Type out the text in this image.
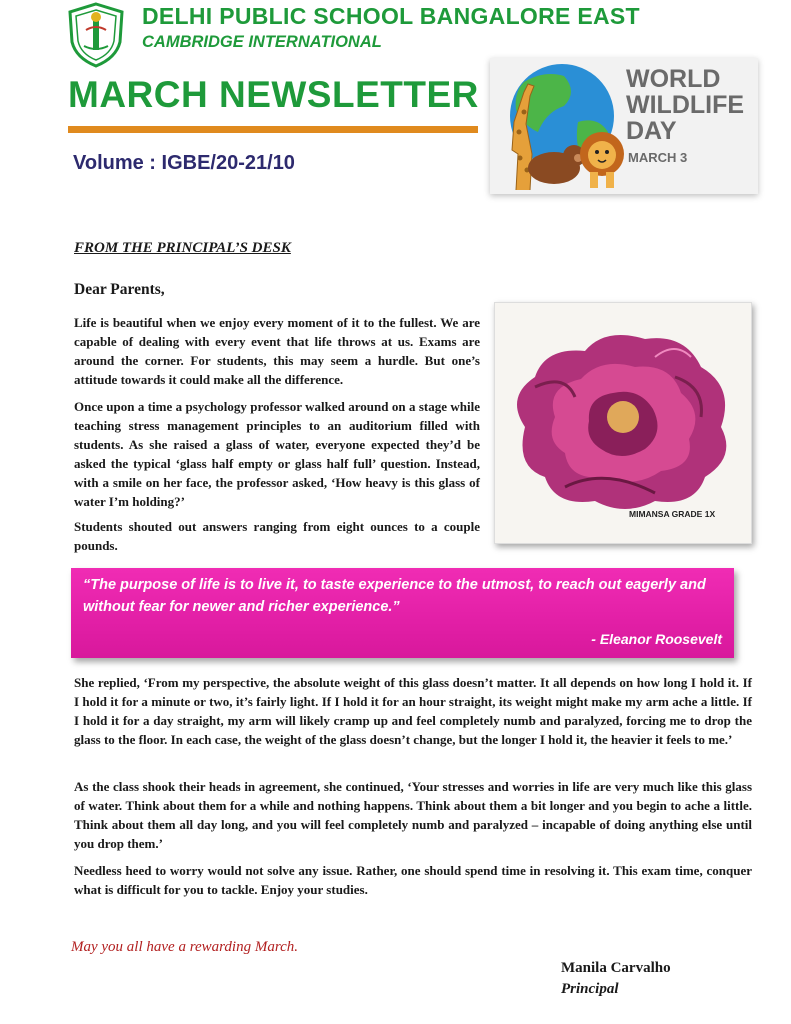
DELHI PUBLIC SCHOOL BANGALORE EAST
CAMBRIDGE INTERNATIONAL
MARCH NEWSLETTER
Volume : IGBE/20-21/10
WORLD
WILDLIFE
DAY
MARCH 3
FROM THE PRINCIPAL’S DESK
Dear Parents,

Life is beautiful when we enjoy every moment of it to the fullest. We are capable of dealing with every event that life throws at us. Exams are around the corner. For students, this may seem a hurdle. But one’s attitude towards it could make all the difference.

Once upon a time a psychology professor walked around on a stage while teaching stress management principles to an auditorium filled with students. As she raised a glass of water, everyone expected they’d be asked the typical ‘glass half empty or glass half full’ question. Instead, with a smile on her face, the professor asked, ‘How heavy is this glass of water I’m holding?’

Students shouted out answers ranging from eight ounces to a couple pounds.

MIMANSA GRADE 1X
“The purpose of life is to live it, to taste experience to the utmost, to reach out eagerly and without fear for newer and richer experience.”
- Eleanor Roosevelt

She replied, ‘From my perspective, the absolute weight of this glass doesn’t matter. It all depends on how long I hold it. If I hold it for a minute or two, it’s fairly light. If I hold it for an hour straight, its weight might make my arm ache a little. If I hold it for a day straight, my arm will likely cramp up and feel completely numb and paralyzed, forcing me to drop the glass to the floor. In each case, the weight of the glass doesn’t change, but the longer I hold it, the heavier it feels to me.’

As the class shook their heads in agreement, she continued, ‘Your stresses and worries in life are very much like this glass of water. Think about them for a while and nothing happens. Think about them a bit longer and you begin to ache a little. Think about them all day long, and you will feel completely numb and paralyzed – incapable of doing anything else until you drop them.’

Needless heed to worry would not solve any issue. Rather, one should spend time in resolving it. This exam time, conquer what is difficult for you to tackle. Enjoy your studies.

May you all have a rewarding March.
Manila Carvalho
Principal
